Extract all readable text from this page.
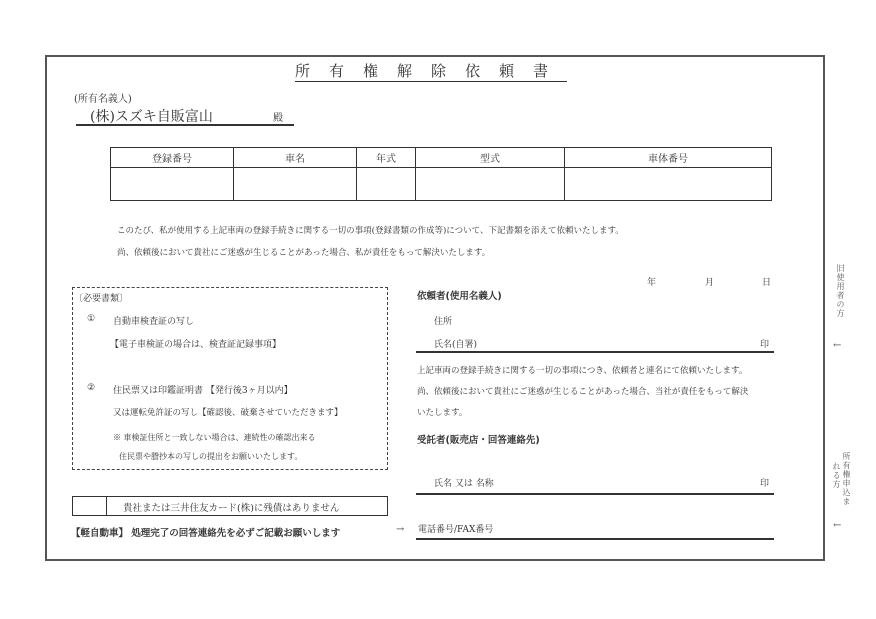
所有権解除依頼書
(所有名義人)
(株)スズキ自販富山	殿
登録番号	車名	年式	型式	車体番号

このたび、私が使用する上記車両の登録手続きに関する一切の事項(登録書類の作成等)について、下記書類を添えて依頼いたします。
尚、依頼後において貴社にご迷惑が生じることがあった場合、私が責任をもって解決いたします。
〔必要書類〕
① 自動車検査証の写し
【電子車検証の場合は、検査証記録事項】
② 住民票又は印鑑証明書 【発行後3ヶ月以内】
又は運転免許証の写し【確認後、破棄させていただきます】
※ 車検証住所と一致しない場合は、連続性の確認出来る
住民票や謄抄本の写しの提出をお願いいたします。
貴社または三井住友カード(株)に残債はありません
【軽自動車】 処理完了の回答連絡先を必ずご記載お願いします	→
年	月	日
依頼者(使用名義人)
住所
氏名(自署)	印
上記車両の登録手続きに関する一切の事項につき、依頼者と連名にて依頼いたします。
尚、依頼後において貴社にご迷惑が生じることがあった場合、当社が責任をもって解決
いたします。
受託者(販売店・回答連絡先)
氏名 又は 名称	印
電話番号/FAX番号
旧使用者の方
←
所有権申込ま
れる方
←
